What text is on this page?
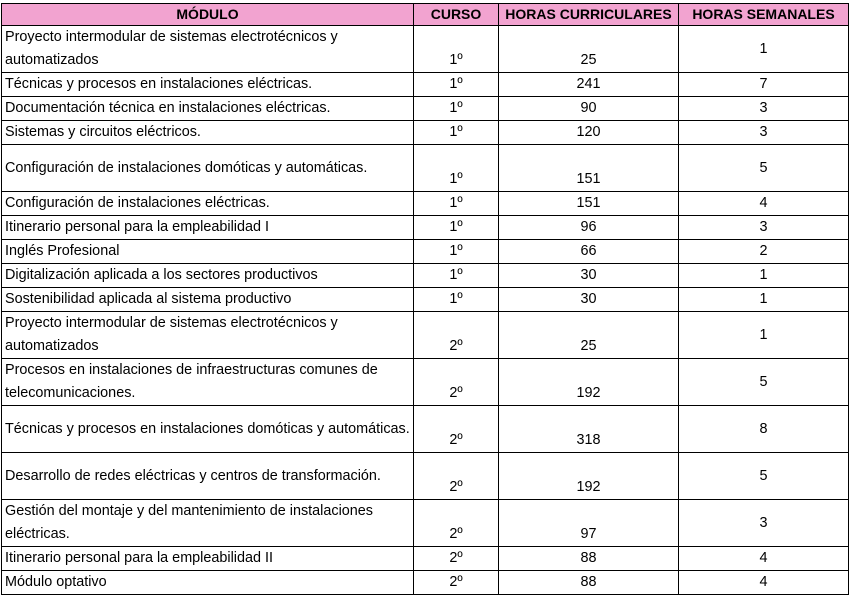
MÓDULO	CURSO	HORAS CURRICULARES	HORAS SEMANALES
Proyecto intermodular de sistemas electrotécnicos y automatizados	1º	25	1
Técnicas y procesos en instalaciones eléctricas.	1º	241	7
Documentación técnica en instalaciones eléctricas.	1º	90	3
Sistemas y circuitos eléctricos.	1º	120	3
Configuración de instalaciones domóticas y automáticas.	1º	151	5
Configuración de instalaciones eléctricas.	1º	151	4
Itinerario personal para la empleabilidad I	1º	96	3
Inglés Profesional	1º	66	2
Digitalización aplicada a los sectores productivos	1º	30	1
Sostenibilidad aplicada al sistema productivo	1º	30	1
Proyecto intermodular de sistemas electrotécnicos y automatizados	2º	25	1
Procesos en instalaciones de infraestructuras comunes de telecomunicaciones.	2º	192	5
Técnicas y procesos en instalaciones domóticas y automáticas.	2º	318	8
Desarrollo de redes eléctricas y centros de transformación.	2º	192	5
Gestión del montaje y del mantenimiento de instalaciones eléctricas.	2º	97	3
Itinerario personal para la empleabilidad II	2º	88	4
Módulo optativo	2º	88	4
